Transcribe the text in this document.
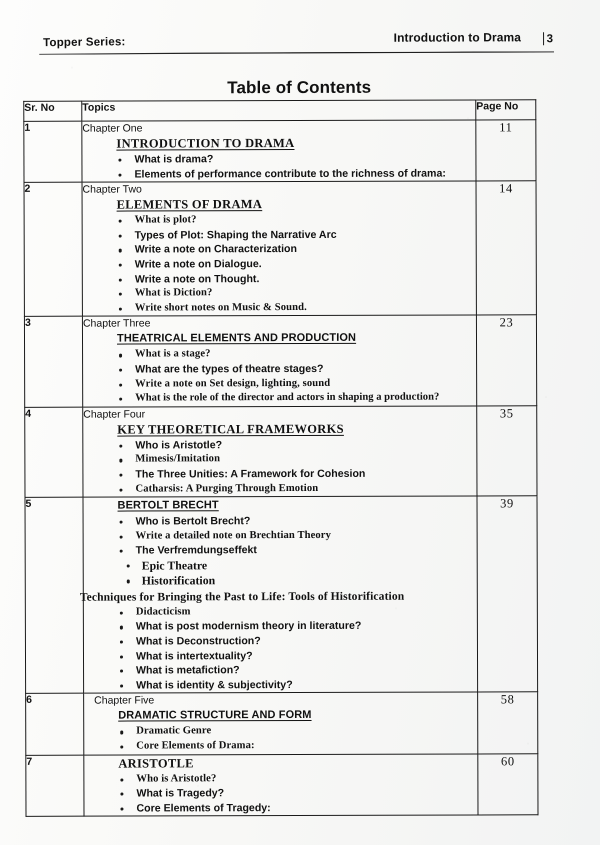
Topper Series:	Introduction to Drama 3
Table of Contents
Sr. No	Topics	Page No
1	Chapter One
INTRODUCTION TO DRAMA
What is drama?
Elements of performance contribute to the richness of drama:
	11
2	Chapter Two
ELEMENTS OF DRAMA
What is plot?
Types of Plot: Shaping the Narrative Arc
Write a note on Characterization
Write a note on Dialogue.
Write a note on Thought.
What is Diction?
Write short notes on Music & Sound.
	14
3	Chapter Three
THEATRICAL ELEMENTS AND PRODUCTION
What is a stage?
What are the types of theatre stages?
Write a note on Set design, lighting, sound
What is the role of the director and actors in shaping a production?
	23
4	Chapter Four
KEY THEORETICAL FRAMEWORKS
Who is Aristotle?
Mimesis/Imitation
The Three Unities: A Framework for Cohesion
Catharsis: A Purging Through Emotion
	35
5	BERTOLT BRECHT
Who is Bertolt Brecht?
Write a detailed note on Brechtian Theory
The Verfremdungseffekt
Epic Theatre
Historification
Techniques for Bringing the Past to Life: Tools of Historification
Didacticism
What is post modernism theory in literature?
What is Deconstruction?
What is intertextuality?
What is metafiction?
What is identity & subjectivity?
	39
6	Chapter Five
DRAMATIC STRUCTURE AND FORM
Dramatic Genre
Core Elements of Drama:
	58
7	ARISTOTLE
Who is Aristotle?
What is Tragedy?
Core Elements of Tragedy:
	60
